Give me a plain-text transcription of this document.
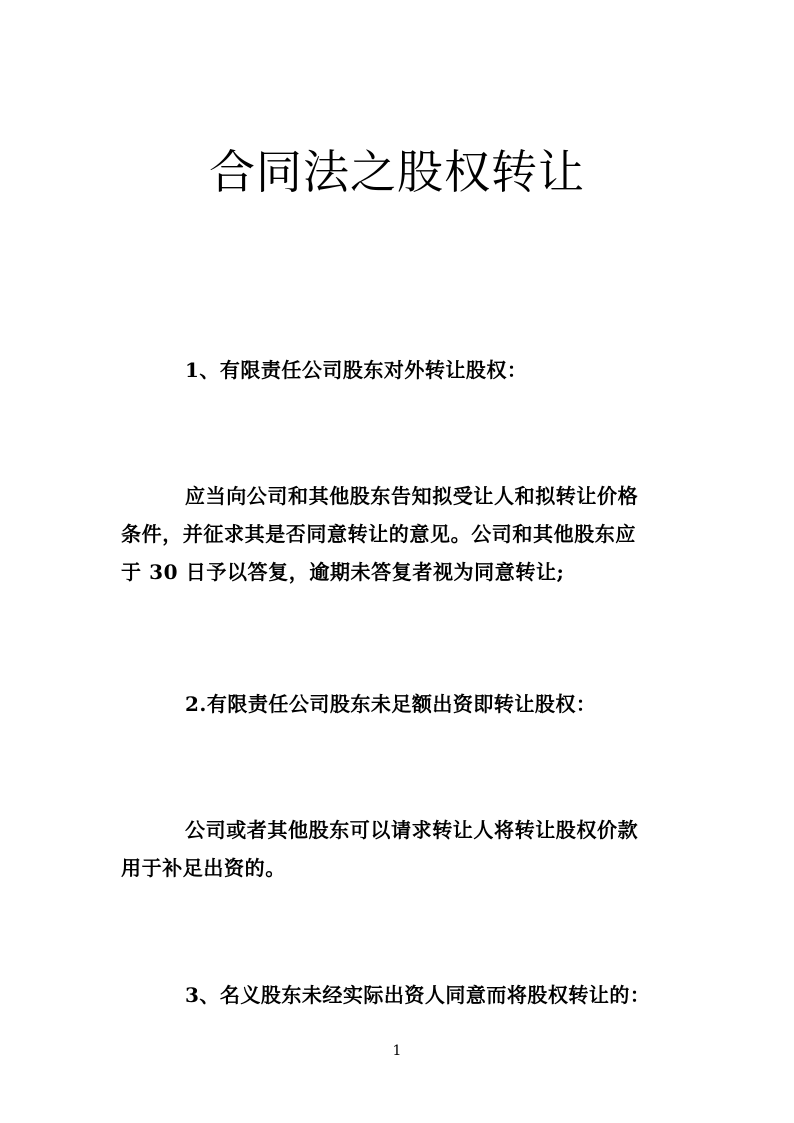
合同法之股权转让
1、有限责任公司股东对外转让股权：
应当向公司和其他股东告知拟受让人和拟转让价格
条件，并征求其是否同意转让的意见。公司和其他股东应
于 30 日予以答复，逾期未答复者视为同意转让;
2.有限责任公司股东未足额出资即转让股权：
公司或者其他股东可以请求转让人将转让股权价款
用于补足出资的。
3、名义股东未经实际出资人同意而将股权转让的：
1
